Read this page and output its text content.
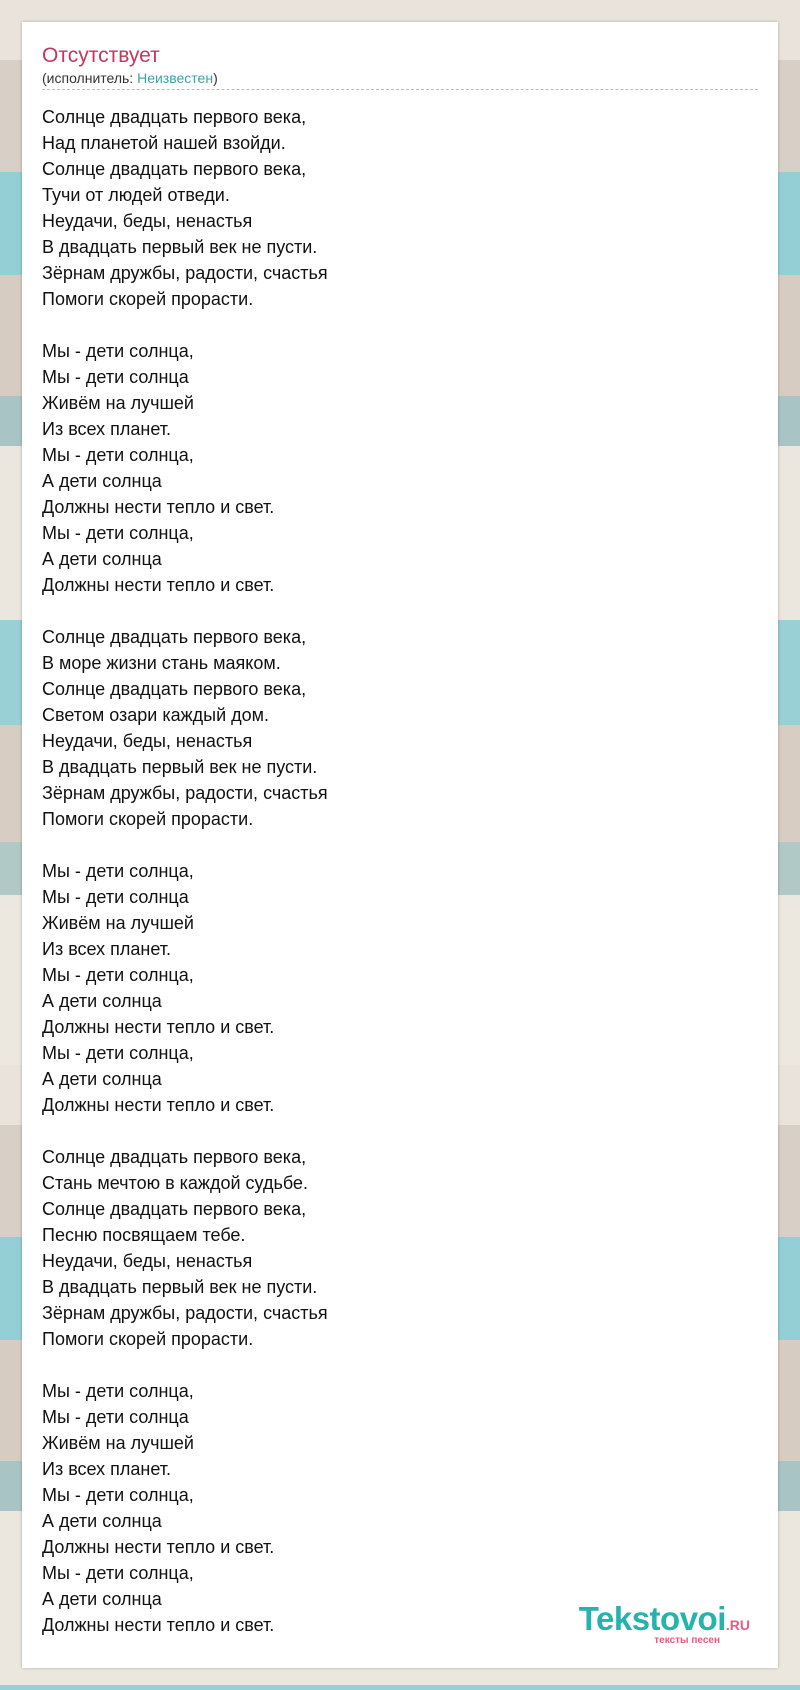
Отсутствует
(исполнитель: Неизвестен)
Солнце двадцать первого века,
Над планетой нашей взойди.
Солнце двадцать первого века,
Тучи от людей отведи.
Неудачи, беды, ненастья
В двадцать первый век не пусти.
Зёрнам дружбы, радости, счастья
Помоги скорей прорасти.
Мы - дети солнца,
Мы - дети солнца
Живём на лучшей
Из всех планет.
Мы - дети солнца,
А дети солнца
Должны нести тепло и свет.
Мы - дети солнца,
А дети солнца
Должны нести тепло и свет.
Солнце двадцать первого века,
В море жизни стань маяком.
Солнце двадцать первого века,
Светом озари каждый дом.
Неудачи, беды, ненастья
В двадцать первый век не пусти.
Зёрнам дружбы, радости, счастья
Помоги скорей прорасти.
Мы - дети солнца,
Мы - дети солнца
Живём на лучшей
Из всех планет.
Мы - дети солнца,
А дети солнца
Должны нести тепло и свет.
Мы - дети солнца,
А дети солнца
Должны нести тепло и свет.
Солнце двадцать первого века,
Стань мечтою в каждой судьбе.
Солнце двадцать первого века,
Песню посвящаем тебе.
Неудачи, беды, ненастья
В двадцать первый век не пусти.
Зёрнам дружбы, радости, счастья
Помоги скорей прорасти.
Мы - дети солнца,
Мы - дети солнца
Живём на лучшей
Из всех планет.
Мы - дети солнца,
А дети солнца
Должны нести тепло и свет.
Мы - дети солнца,
А дети солнца
Должны нести тепло и свет.	Tekstovoi.RU
тексты песен
